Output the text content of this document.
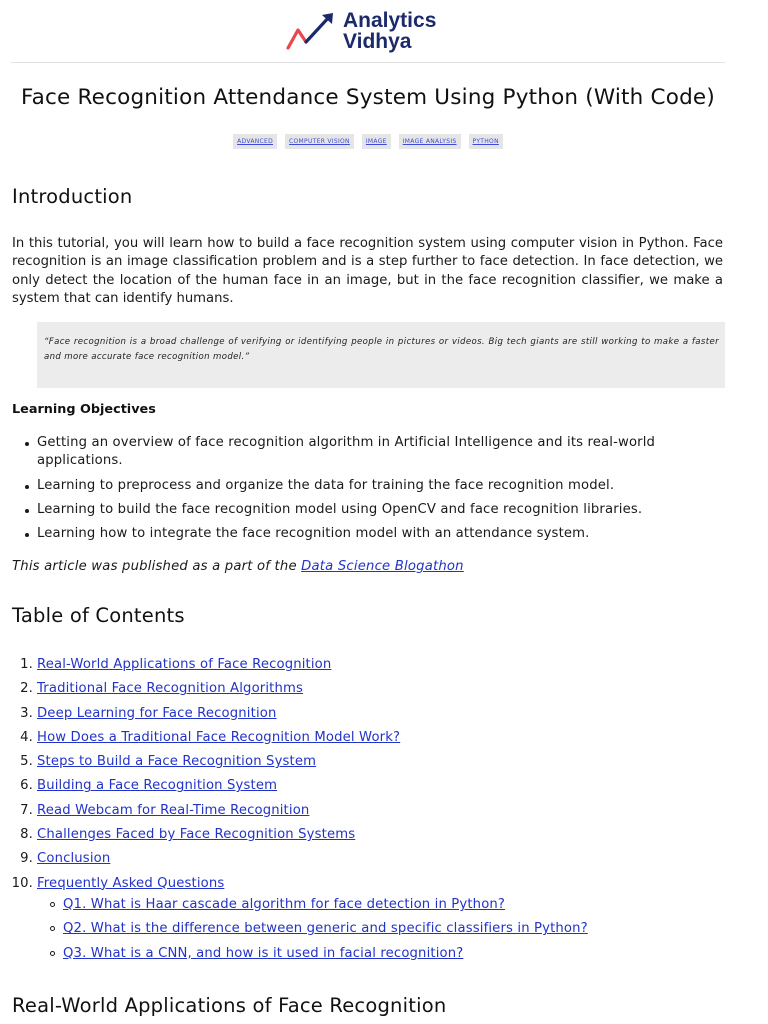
Analytics
Vidhya
Face Recognition Attendance System Using Python (With Code)
ADVANCED	COMPUTER VISION	IMAGE	IMAGE ANALYSIS	PYTHON
Introduction

In this tutorial, you will learn how to build a face recognition system using computer vision in Python. Face recognition is an image classification problem and is a step further to face detection. In face detection, we only detect the location of the human face in an image, but in the face recognition classifier, we make a system that can identify humans.

“Face recognition is a broad challenge of verifying or identifying people in pictures or videos. Big tech giants are still working to make a faster and more accurate face recognition model.”

Learning Objectives
Getting an overview of face recognition algorithm in Artificial Intelligence and its real-world applications.
Learning to preprocess and organize the data for training the face recognition model.
Learning to build the face recognition model using OpenCV and face recognition libraries.
Learning how to integrate the face recognition model with an attendance system.
This article was published as a part of the Data Science Blogathon
Table of Contents
1. Real-World Applications of Face Recognition
2. Traditional Face Recognition Algorithms
3. Deep Learning for Face Recognition
4. How Does a Traditional Face Recognition Model Work?
5. Steps to Build a Face Recognition System
6. Building a Face Recognition System
7. Read Webcam for Real-Time Recognition
8. Challenges Faced by Face Recognition Systems
9. Conclusion
10. Frequently Asked Questions
Q1. What is Haar cascade algorithm for face detection in Python?
Q2. What is the difference between generic and specific classifiers in Python?
Q3. What is a CNN, and how is it used in facial recognition?
Real-World Applications of Face Recognition
